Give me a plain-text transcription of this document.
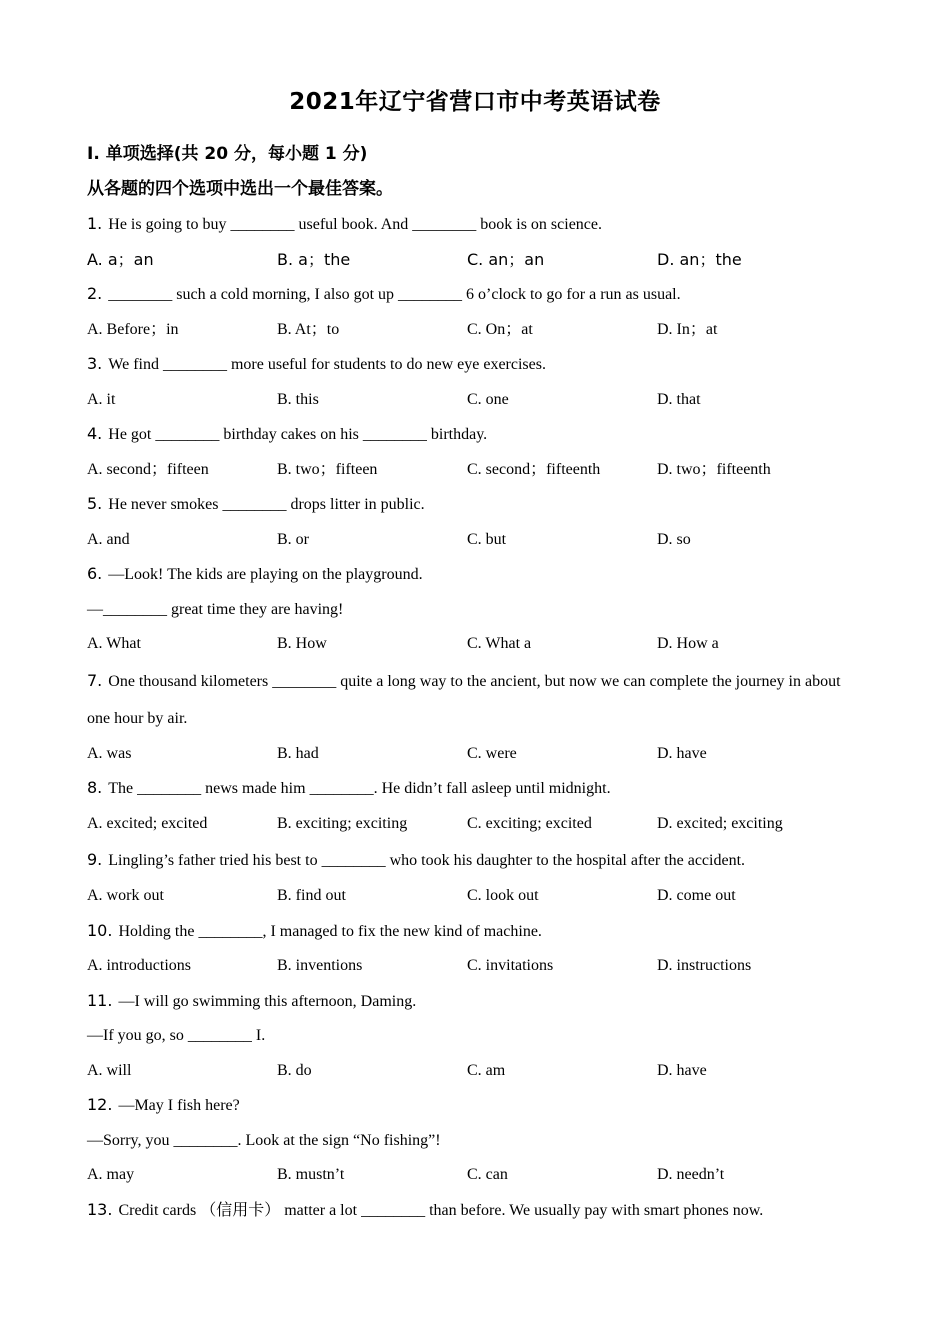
2021年辽宁省营口市中考英语试卷
Ⅰ. 单项选择(共 20 分，每小题 1 分)
从各题的四个选项中选出一个最佳答案。
1. He is going to buy ________ useful book. And ________ book is on science.
A. a；an	B. a；the	C. an；an	D. an；the
2. ________ such a cold morning, I also got up ________ 6 o’clock to go for a run as usual.
A. Before；in	B. At；to	C. On；at	D. In；at
3. We find ________ more useful for students to do new eye exercises.
A. it	B. this	C. one	D. that
4. He got ________ birthday cakes on his ________ birthday.
A. second；fifteen	B. two；fifteen	C. second；fifteenth	D. two；fifteenth
5. He never smokes ________ drops litter in public.
A. and	B. or	C. but	D. so
6. —Look! The kids are playing on the playground.
—________ great time they are having!
A. What	B. How	C. What a	D. How a
7. One thousand kilometers ________ quite a long way to the ancient, but now we can complete the journey in about one hour by air.
A. was	B. had	C. were	D. have
8. The ________ news made him ________. He didn’t fall asleep until midnight.
A. excited; excited	B. exciting; exciting	C. exciting; excited	D. excited; exciting
9. Lingling’s father tried his best to ________ who took his daughter to the hospital after the accident.
A. work out	B. find out	C. look out	D. come out
10. Holding the ________, I managed to fix the new kind of machine.
A. introductions	B. inventions	C. invitations	D. instructions
11. —I will go swimming this afternoon, Daming.
—If you go, so ________ I.
A. will	B. do	C. am	D. have
12. —May I fish here?
—Sorry, you ________. Look at the sign “No fishing”!
A. may	B. mustn’t	C. can	D. needn’t
13. Credit cards （信用卡） matter a lot ________ than before. We usually pay with smart phones now.
